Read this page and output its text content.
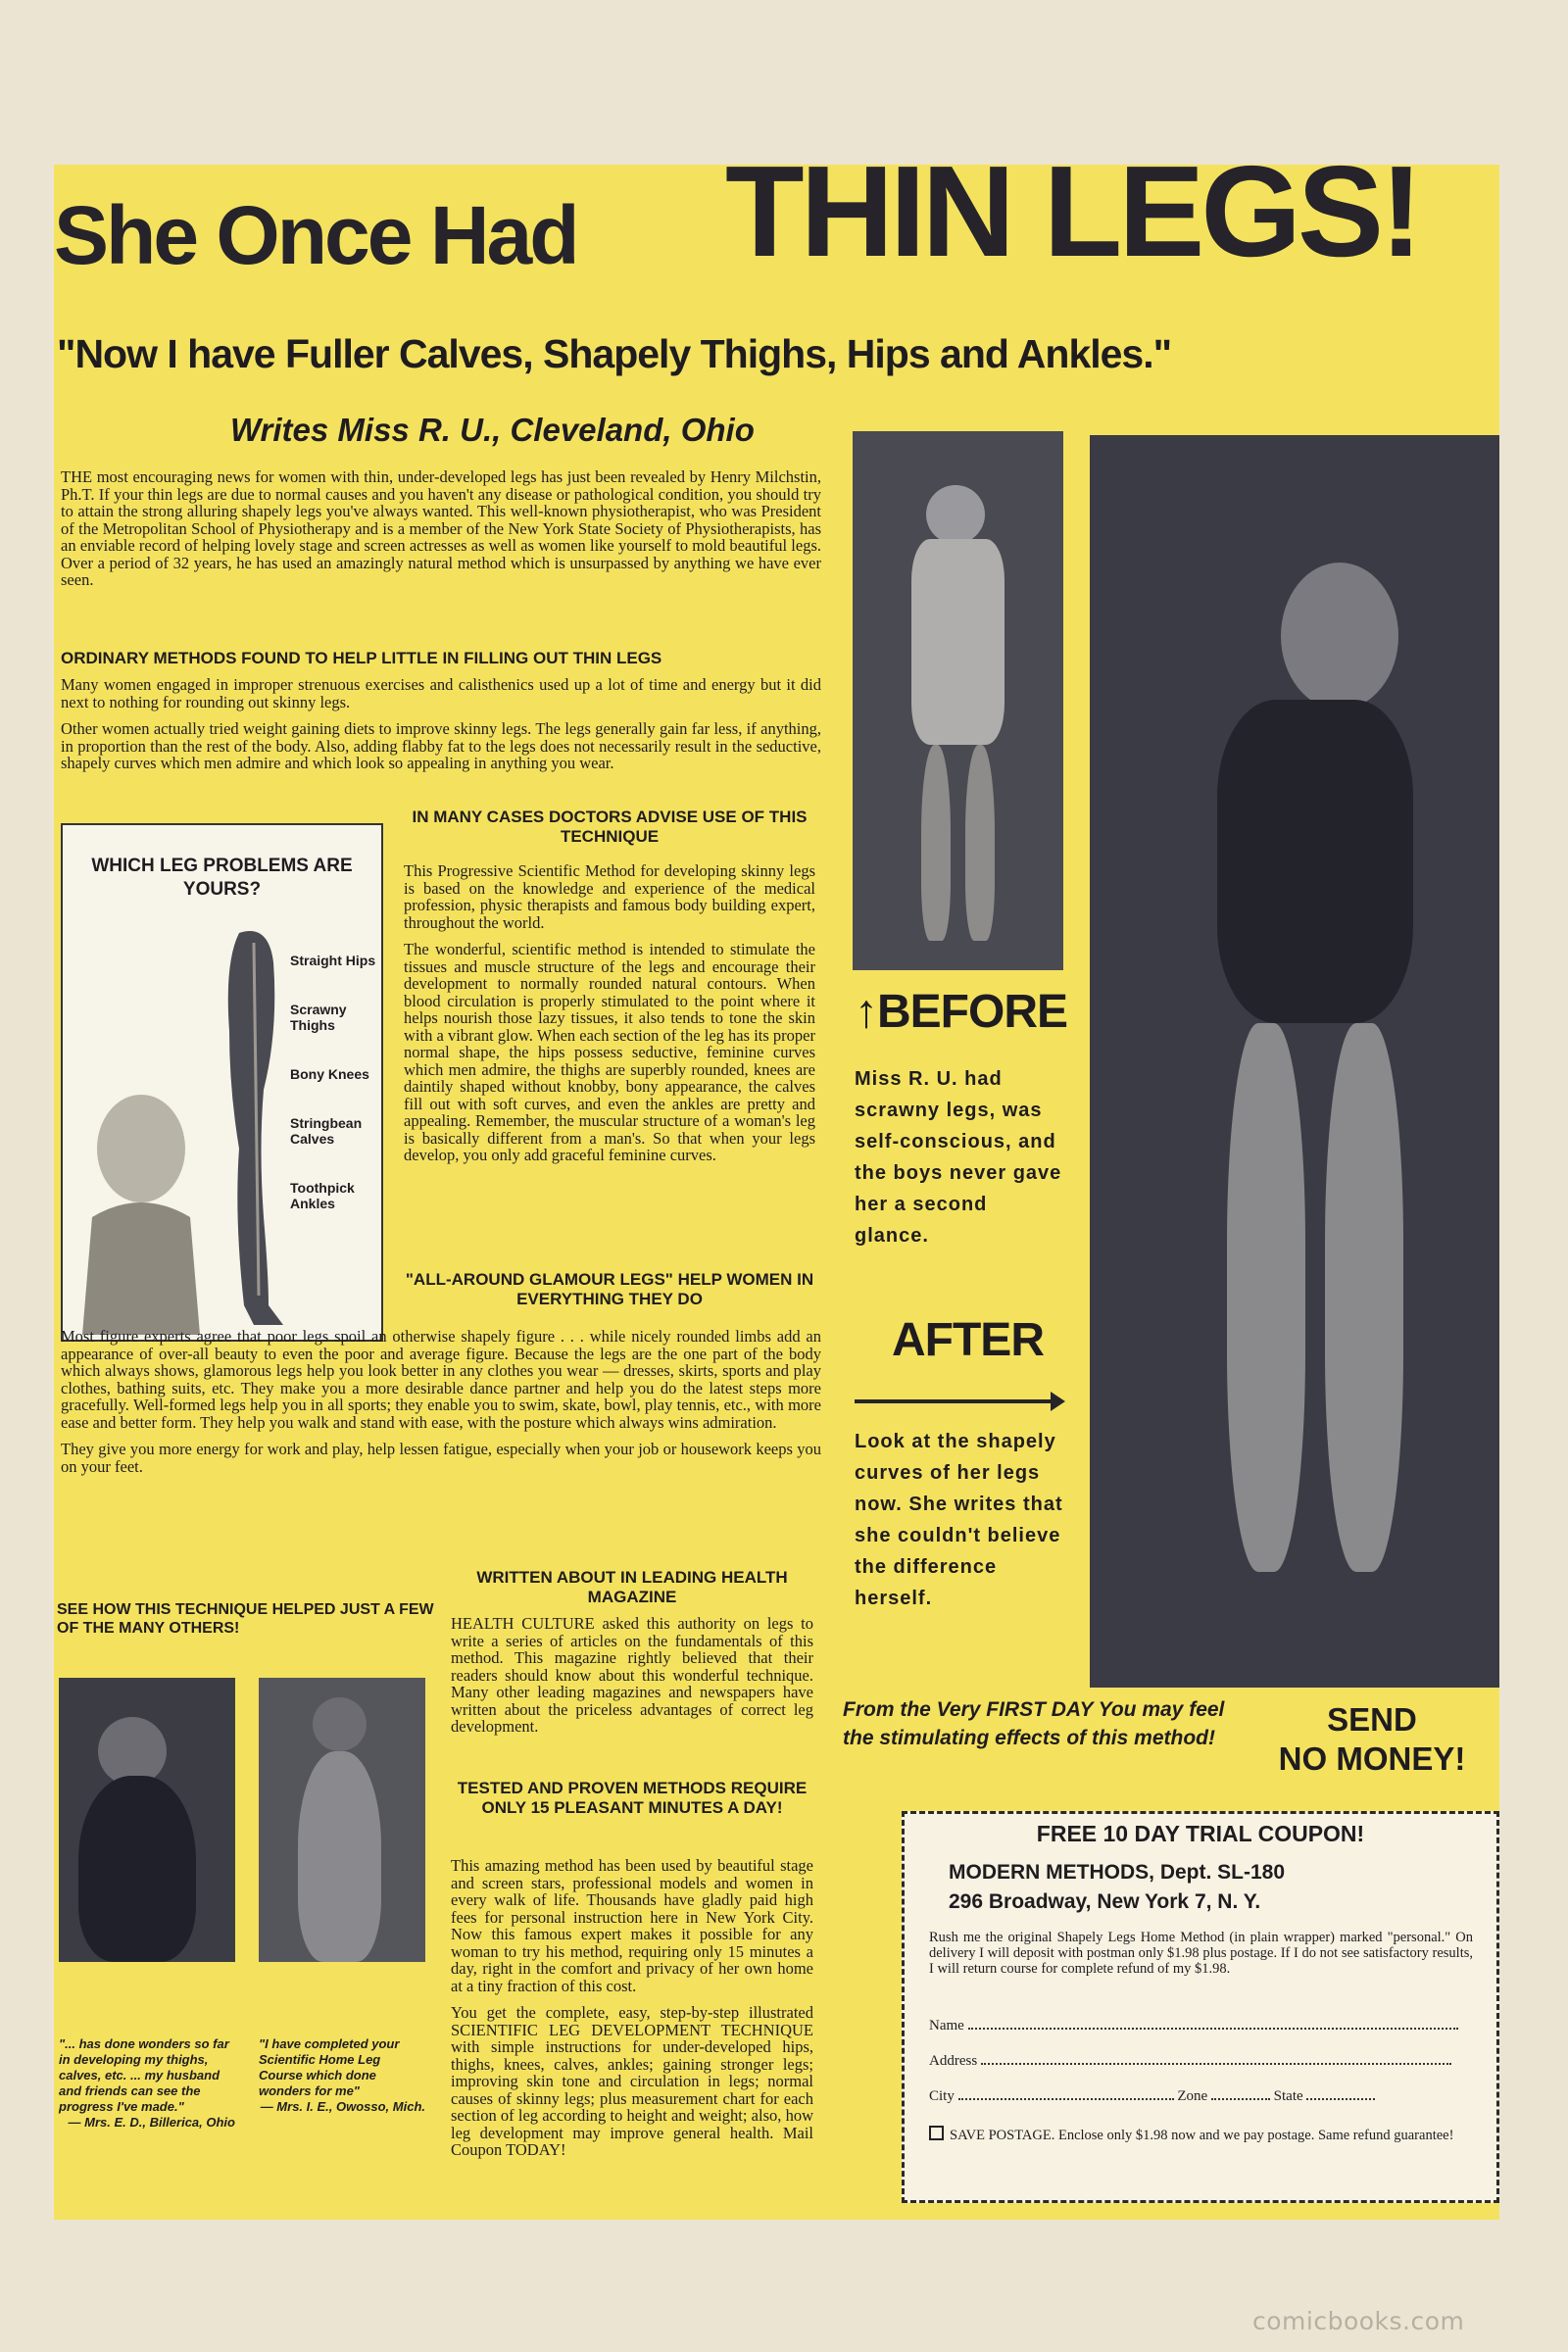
She Once Had THIN LEGS!
"Now I have Fuller Calves, Shapely Thighs, Hips and Ankles."
Writes Miss R. U., Cleveland, Ohio
THE most encouraging news for women with thin, under-developed legs has just been revealed by Henry Milchstin, Ph.T. If your thin legs are due to normal causes and you haven't any disease or pathological condition, you should try to attain the strong alluring shapely legs you've always wanted. This well-known physiotherapist, who was President of the Metropolitan School of Physiotherapy and is a member of the New York State Society of Physiotherapists, has an enviable record of helping lovely stage and screen actresses as well as women like yourself to mold beautiful legs. Over a period of 32 years, he has used an amazingly natural method which is unsurpassed by anything we have ever seen.
ORDINARY METHODS FOUND TO HELP LITTLE IN FILLING OUT THIN LEGS

Many women engaged in improper strenuous exercises and calisthenics used up a lot of time and energy but it did next to nothing for rounding out skinny legs.

Other women actually tried weight gaining diets to improve skinny legs. The legs generally gain far less, if anything, in proportion than the rest of the body. Also, adding flabby fat to the legs does not necessarily result in the seductive, shapely curves which men admire and which look so appealing in anything you wear.

WHICH LEG PROBLEMS ARE YOURS?
Straight Hips
Scrawny Thighs
Bony Knees
Stringbean Calves
Toothpick Ankles
IN MANY CASES DOCTORS ADVISE USE OF THIS TECHNIQUE

This Progressive Scientific Method for developing skinny legs is based on the knowledge and experience of the medical profession, physic therapists and famous body building expert, throughout the world.

The wonderful, scientific method is intended to stimulate the tissues and muscle structure of the legs and encourage their development to normally rounded natural contours. When blood circulation is properly stimulated to the point where it helps nourish those lazy tissues, it also tends to tone the skin with a vibrant glow. When each section of the leg has its proper normal shape, the hips possess seductive, feminine curves which men admire, the thighs are superbly rounded, knees are daintily shaped without knobby, bony appearance, the calves fill out with soft curves, and even the ankles are pretty and appealing. Remember, the muscular structure of a woman's leg is basically different from a man's. So that when your legs develop, you only add graceful feminine curves.

"ALL-AROUND GLAMOUR LEGS" HELP WOMEN IN EVERYTHING THEY DO

Most figure experts agree that poor legs spoil an otherwise shapely figure . . . while nicely rounded limbs add an appearance of over-all beauty to even the poor and average figure. Because the legs are the one part of the body which always shows, glamorous legs help you look better in any clothes you wear — dresses, skirts, sports and play clothes, bathing suits, etc. They make you a more desirable dance partner and help you do the latest steps more gracefully. Well-formed legs help you in all sports; they enable you to swim, skate, bowl, play tennis, etc., with more ease and better form. They help you walk and stand with ease, with the posture which always wins admiration.

They give you more energy for work and play, help lessen fatigue, especially when your job or housework keeps you on your feet.

SEE HOW THIS TECHNIQUE HELPED JUST A FEW OF THE MANY OTHERS!
"... has done wonders so far in developing my thighs, calves, etc. ... my husband and friends can see the progress I've made."
— Mrs. E. D., Billerica, Ohio
"I have completed your Scientific Home Leg Course which done wonders for me"
— Mrs. I. E., Owosso, Mich.
WRITTEN ABOUT IN LEADING HEALTH MAGAZINE
HEALTH CULTURE asked this authority on legs to write a series of articles on the fundamentals of this method. This magazine rightly believed that their readers should know about this wonderful technique. Many other leading magazines and newspapers have written about the priceless advantages of correct leg development.
TESTED AND PROVEN METHODS REQUIRE ONLY 15 PLEASANT MINUTES A DAY!

This amazing method has been used by beautiful stage and screen stars, professional models and women in every walk of life. Thousands have gladly paid high fees for personal instruction here in New York City. Now this famous expert makes it possible for any woman to try his method, requiring only 15 minutes a day, right in the comfort and privacy of her own home at a tiny fraction of this cost.

You get the complete, easy, step-by-step illustrated SCIENTIFIC LEG DEVELOPMENT TECHNIQUE with simple instructions for under-developed hips, thighs, knees, calves, ankles; gaining stronger legs; improving skin tone and circulation in legs; normal causes of skinny legs; plus measurement chart for each section of leg according to height and weight; also, how leg development may improve general health. Mail Coupon TODAY!

↑BEFORE
Miss R. U. had scrawny legs, was self-conscious, and the boys never gave her a second glance.
AFTER
Look at the shapely curves of her legs now. She writes that she couldn't believe the difference herself.
From the Very FIRST DAY You may feel the stimulating effects of this method!
SEND
NO MONEY!
FREE 10 DAY TRIAL COUPON!
MODERN METHODS, Dept. SL-180
296 Broadway, New York 7, N. Y.
Rush me the original Shapely Legs Home Method (in plain wrapper) marked "personal." On delivery I will deposit with postman only $1.98 plus postage. If I do not see satisfactory results, I will return course for complete refund of my $1.98.
Name
Address
City	Zone	State
SAVE POSTAGE. Enclose only $1.98 now and we pay postage. Same refund guarantee!
comicbooks.com
